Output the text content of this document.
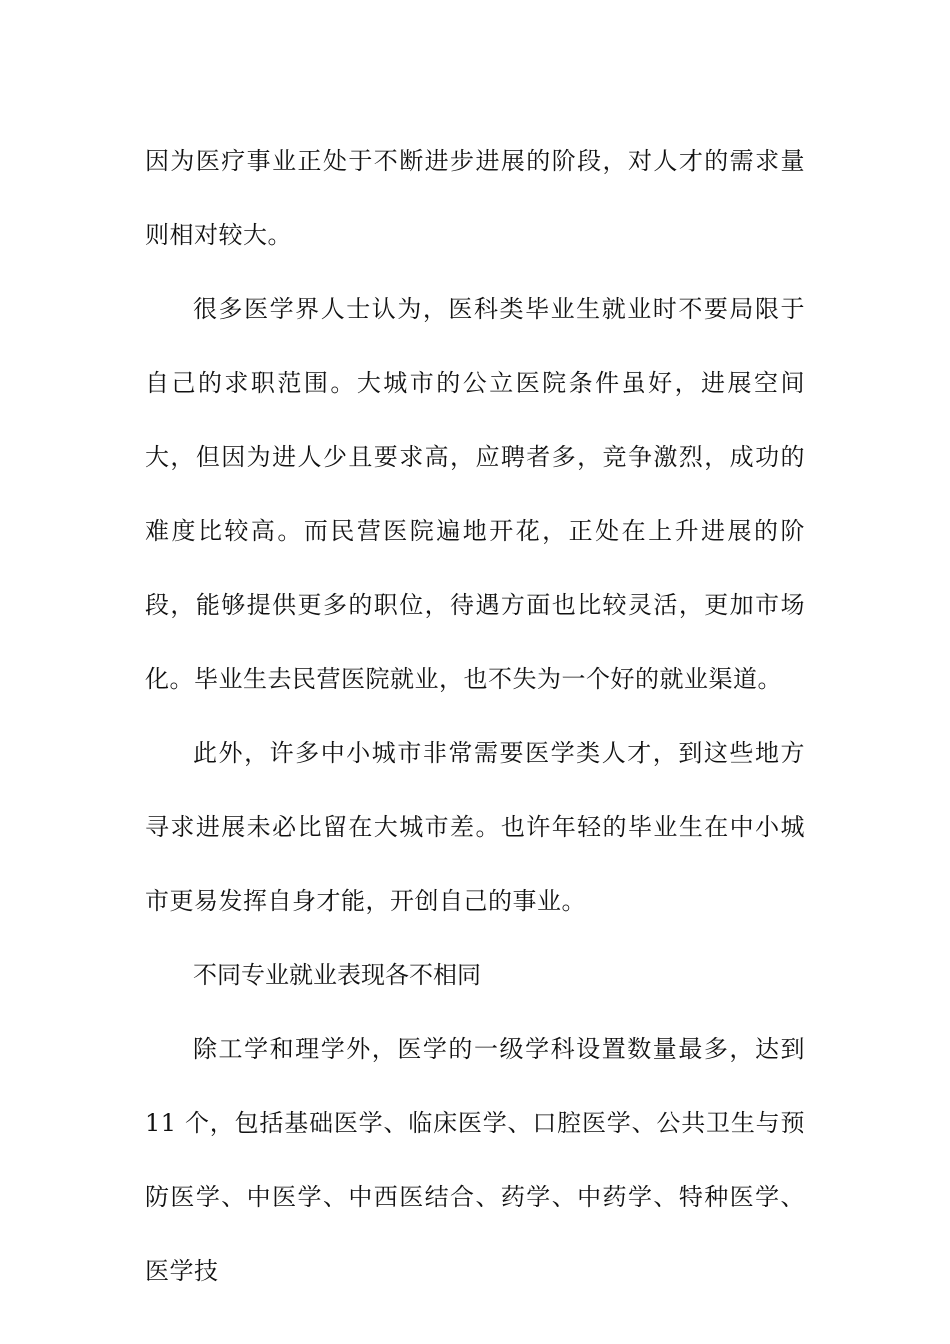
因为医疗事业正处于不断进步进展的阶段，对人才的需求量则相对较大。

很多医学界人士认为，医科类毕业生就业时不要局限于自己的求职范围。大城市的公立医院条件虽好，进展空间大，但因为进人少且要求高，应聘者多，竞争激烈，成功的难度比较高。而民营医院遍地开花，正处在上升进展的阶段，能够提供更多的职位，待遇方面也比较灵活，更加市场化。毕业生去民营医院就业，也不失为一个好的就业渠道。

此外，许多中小城市非常需要医学类人才，到这些地方寻求进展未必比留在大城市差。也许年轻的毕业生在中小城市更易发挥自身才能，开创自己的事业。

不同专业就业表现各不相同

除工学和理学外，医学的一级学科设置数量最多，达到 11 个，包括基础医学、临床医学、口腔医学、公共卫生与预防医学、中医学、中西医结合、药学、中药学、特种医学、医学技
